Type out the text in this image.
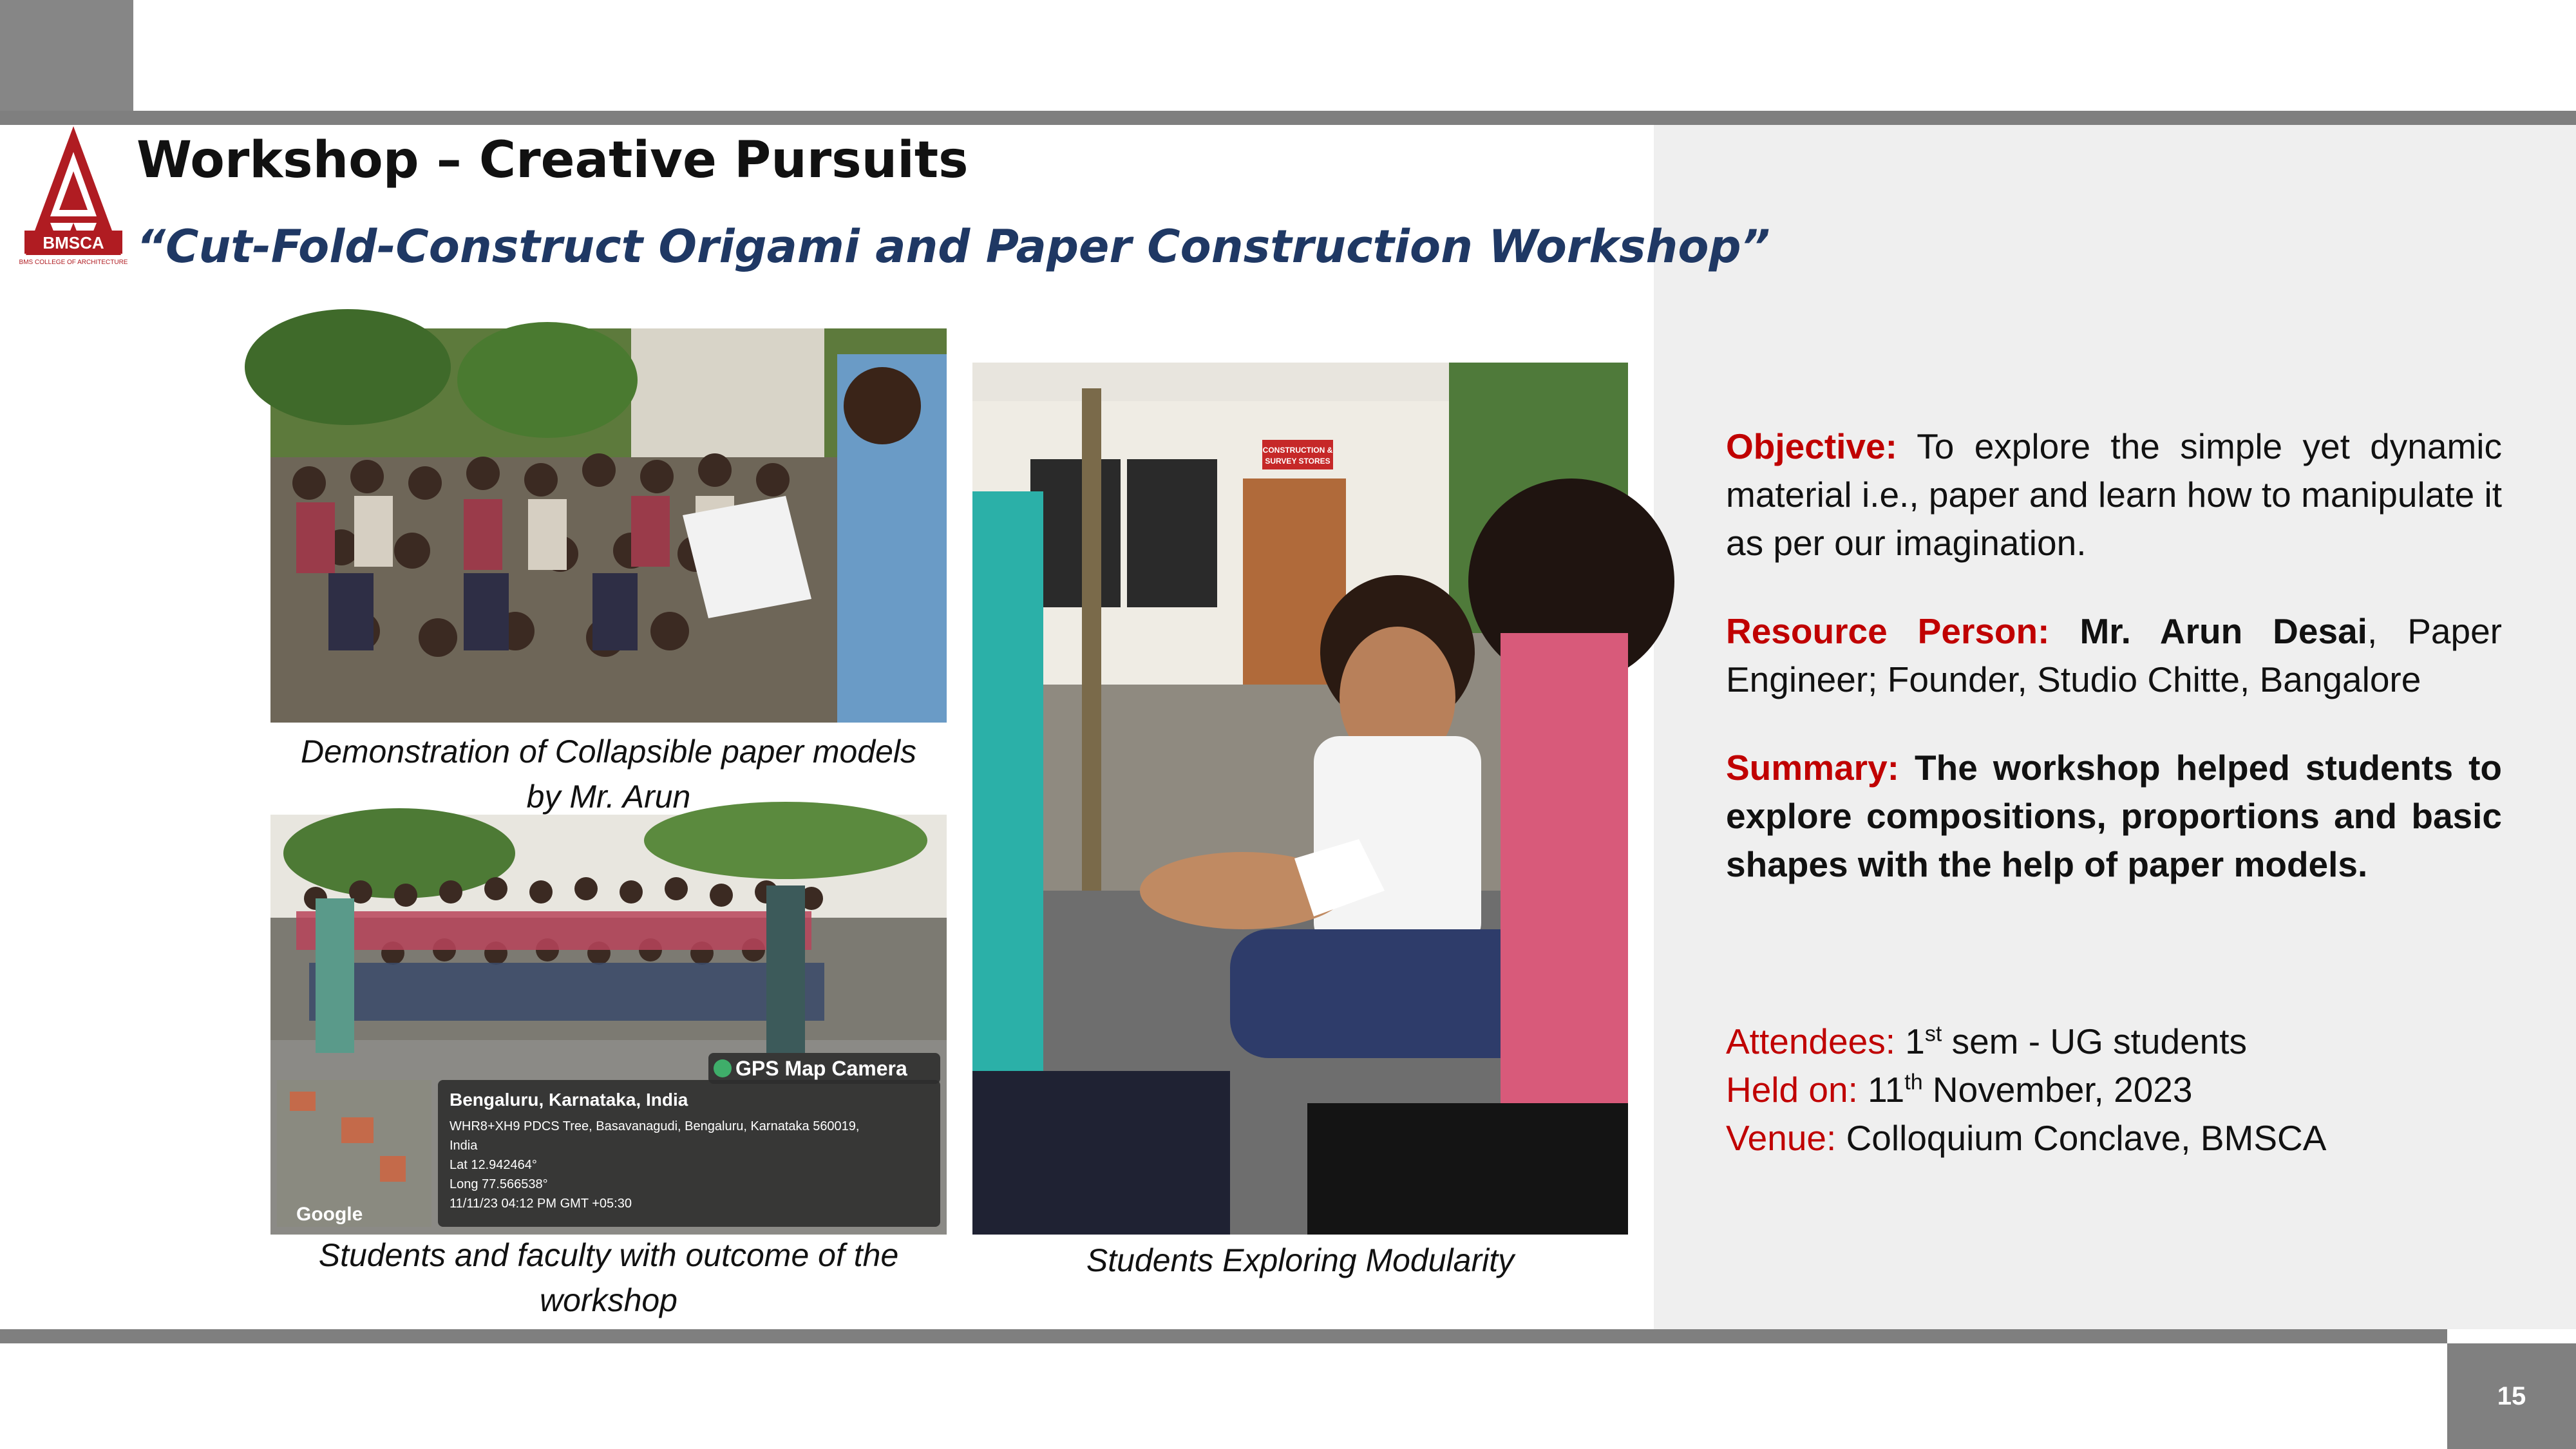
15
BMSCA
BMS COLLEGE OF ARCHITECTURE
Workshop – Creative Pursuits
“Cut-Fold-Construct Origami and Paper Construction Workshop”
Demonstration of Collapsible paper models
by Mr. Arun
Google
GPS Map Camera
Bengaluru, Karnataka, India
WHR8+XH9 PDCS Tree, Basavanagudi, Bengaluru, Karnataka 560019,
India
Lat 12.942464°
Long 77.566538°
11/11/23 04:12 PM GMT +05:30
Students and faculty with outcome of the
workshop
CONSTRUCTION &
SURVEY STORES
Students Exploring Modularity
Objective: To explore the simple yet dynamic material i.e., paper and learn how to manipulate it as per our imagination.
Resource Person: Mr. Arun Desai, Paper Engineer; Founder, Studio Chitte, Bangalore
Summary: The workshop helped students to explore compositions, proportions and basic shapes with the help of paper models.
Attendees: 1st sem - UG students
Held on: 11th November, 2023
Venue: Colloquium Conclave, BMSCA
